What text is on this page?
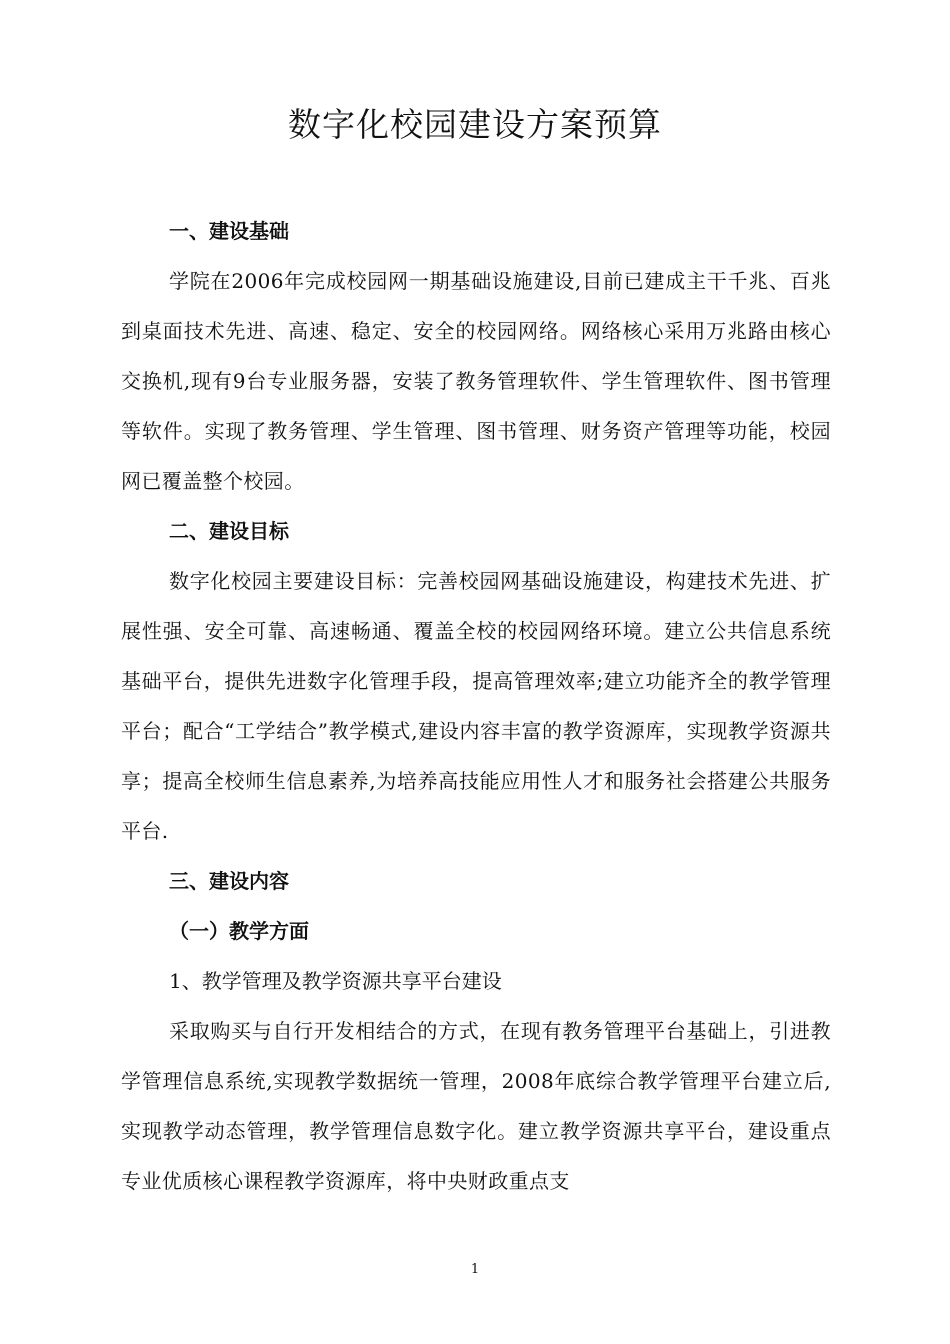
数字化校园建设方案预算

一、建设基础

学院在2006年完成校园网一期基础设施建设,目前已建成主干千兆、百兆到桌面技术先进、高速、稳定、安全的校园网络。网络核心采用万兆路由核心交换机,现有9台专业服务器，安装了教务管理软件、学生管理软件、图书管理等软件。实现了教务管理、学生管理、图书管理、财务资产管理等功能，校园网已覆盖整个校园。

二、建设目标

数字化校园主要建设目标：完善校园网基础设施建设，构建技术先进、扩展性强、安全可靠、高速畅通、覆盖全校的校园网络环境。建立公共信息系统基础平台，提供先进数字化管理手段，提高管理效率;建立功能齐全的教学管理平台；配合“工学结合”教学模式,建设内容丰富的教学资源库，实现教学资源共享；提高全校师生信息素养,为培养高技能应用性人才和服务社会搭建公共服务平台.

三、建设内容

（一）教学方面

1、教学管理及教学资源共享平台建设

采取购买与自行开发相结合的方式，在现有教务管理平台基础上，引进教学管理信息系统,实现教学数据统一管理，2008年底综合教学管理平台建立后,实现教学动态管理，教学管理信息数字化。建立教学资源共享平台，建设重点专业优质核心课程教学资源库，将中央财政重点支

1
